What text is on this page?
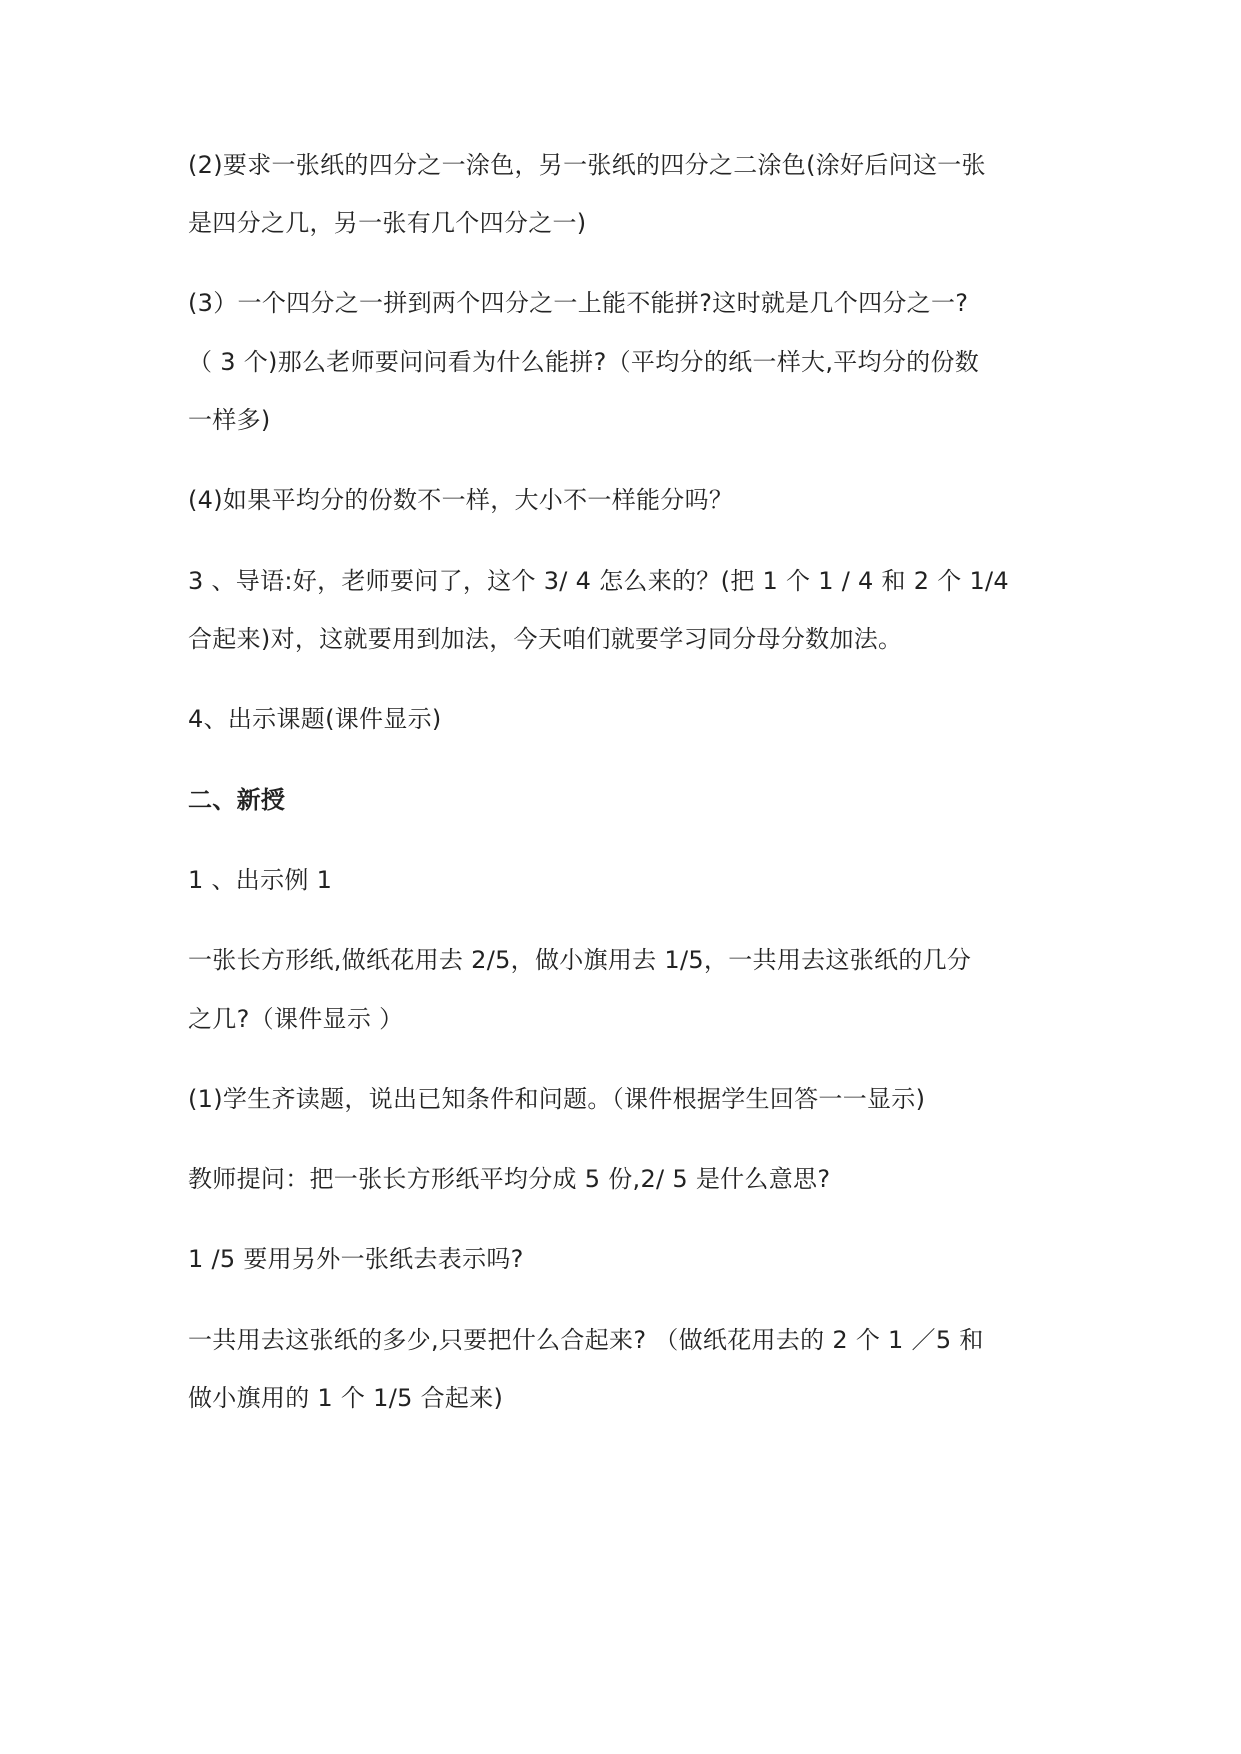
(2)要求一张纸的四分之一涂色，另一张纸的四分之二涂色(涂好后问这一张
是四分之几，另一张有几个四分之一)
(3）一个四分之一拼到两个四分之一上能不能拼?这时就是几个四分之一?
（ 3 个)那么老师要问问看为什么能拼?（平均分的纸一样大,平均分的份数
一样多)
(4)如果平均分的份数不一样，大小不一样能分吗？
3 、导语:好，老师要问了，这个 3/ 4 怎么来的？(把 1 个 1 / 4 和 2 个 1/4
合起来)对，这就要用到加法，今天咱们就要学习同分母分数加法。
4、出示课题(课件显示)
二、新授
1 、出示例 1
一张长方形纸,做纸花用去 2/5，做小旗用去 1/5，一共用去这张纸的几分
之几?（课件显示 ）
(1)学生齐读题，说出已知条件和问题。（课件根据学生回答一一显示)
教师提问：把一张长方形纸平均分成 5 份,2/ 5 是什么意思?
1 /5 要用另外一张纸去表示吗?
一共用去这张纸的多少,只要把什么合起来? （做纸花用去的 2 个 1 ／5 和
做小旗用的 1 个 1/5 合起来)
